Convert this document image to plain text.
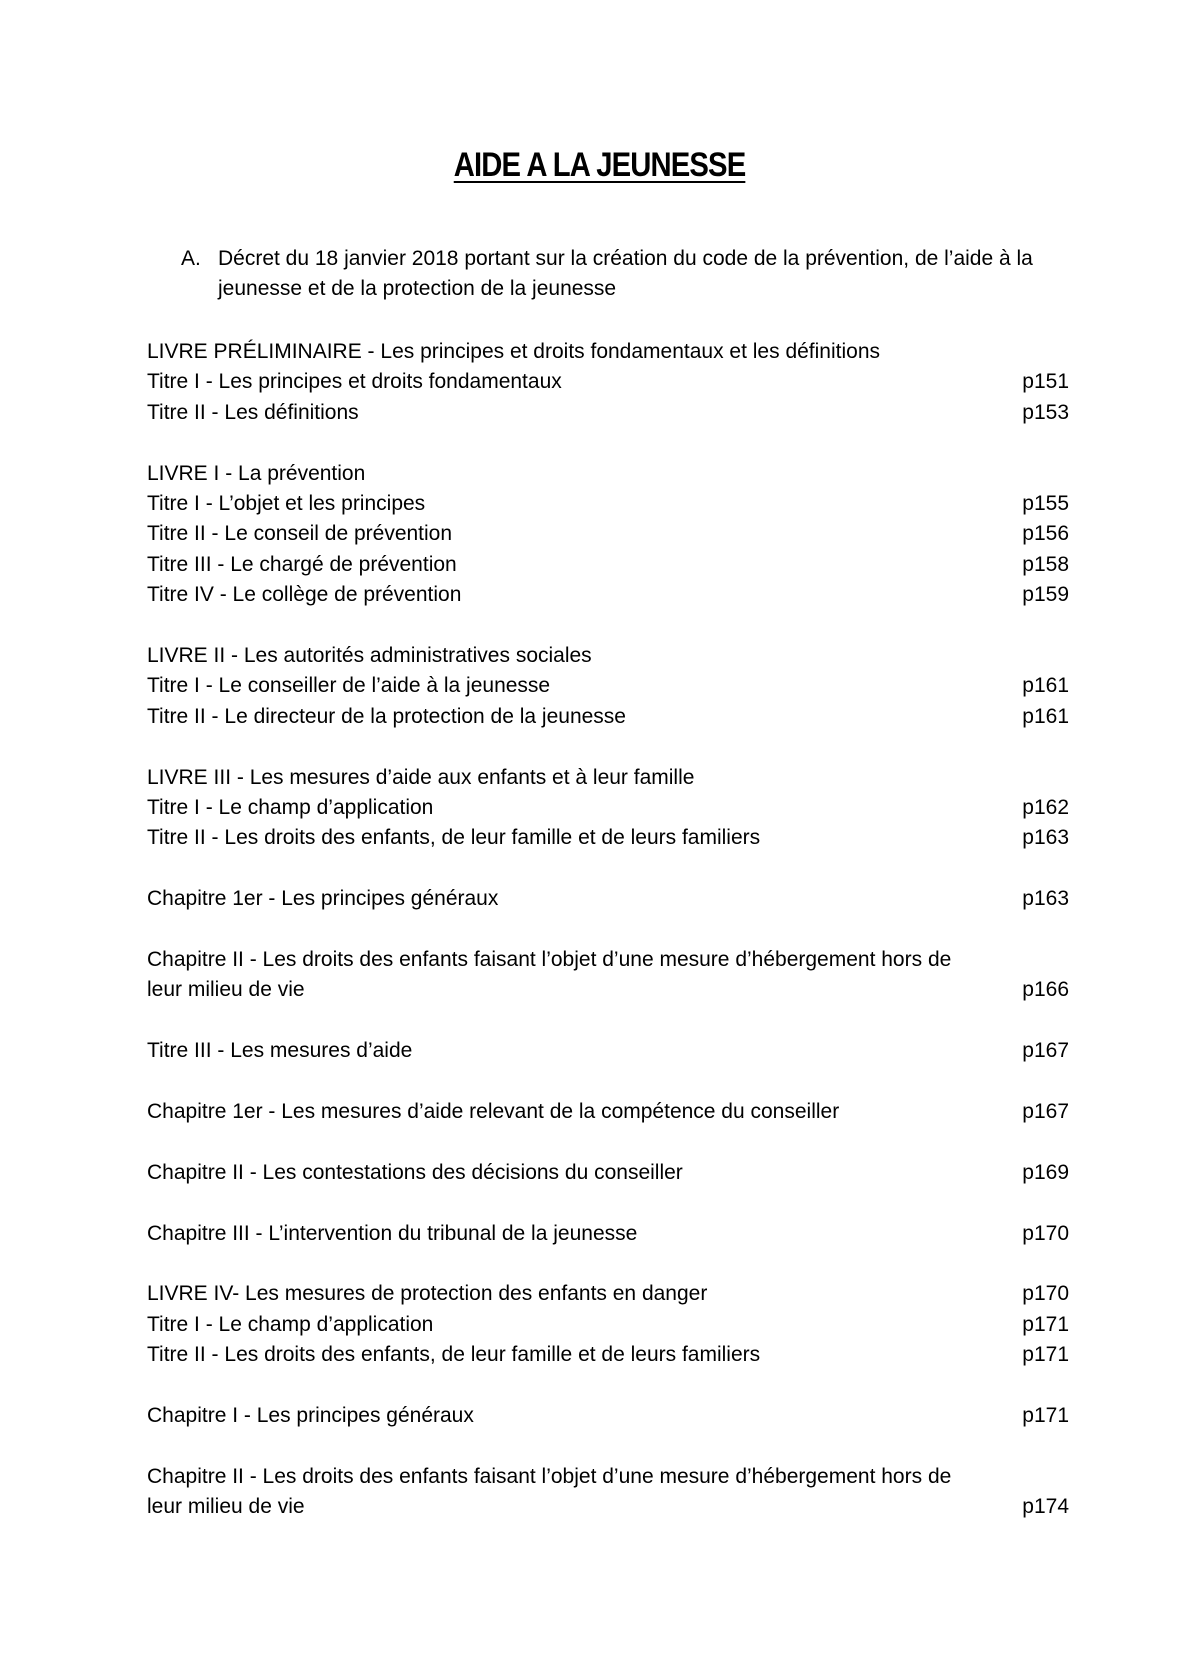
AIDE A LA JEUNESSE
A. Décret du 18 janvier 2018 portant sur la création du code de la prévention, de l’aide à la jeunesse et de la protection de la jeunesse
LIVRE PRÉLIMINAIRE - Les principes et droits fondamentaux et les définitions
Titre I - Les principes et droits fondamentaux	p151
Titre II - Les définitions	p153
LIVRE I - La prévention
Titre I - L’objet et les principes	p155
Titre II - Le conseil de prévention	p156
Titre III - Le chargé de prévention	p158
Titre IV - Le collège de prévention	p159
LIVRE II - Les autorités administratives sociales
Titre I - Le conseiller de l’aide à la jeunesse	p161
Titre II - Le directeur de la protection de la jeunesse	p161
LIVRE III - Les mesures d’aide aux enfants et à leur famille
Titre I - Le champ d’application	p162
Titre II - Les droits des enfants, de leur famille et de leurs familiers	p163
Chapitre 1er - Les principes généraux	p163
Chapitre II - Les droits des enfants faisant l’objet d’une mesure d’hébergement hors de
leur milieu de vie	p166
Titre III - Les mesures d’aide	p167
Chapitre 1er - Les mesures d’aide relevant de la compétence du conseiller	p167
Chapitre II - Les contestations des décisions du conseiller	p169
Chapitre III - L’intervention du tribunal de la jeunesse	p170
LIVRE IV- Les mesures de protection des enfants en danger	p170
Titre I - Le champ d’application	p171
Titre II - Les droits des enfants, de leur famille et de leurs familiers	p171
Chapitre I - Les principes généraux	p171
Chapitre II - Les droits des enfants faisant l’objet d’une mesure d’hébergement hors de
leur milieu de vie	p174
